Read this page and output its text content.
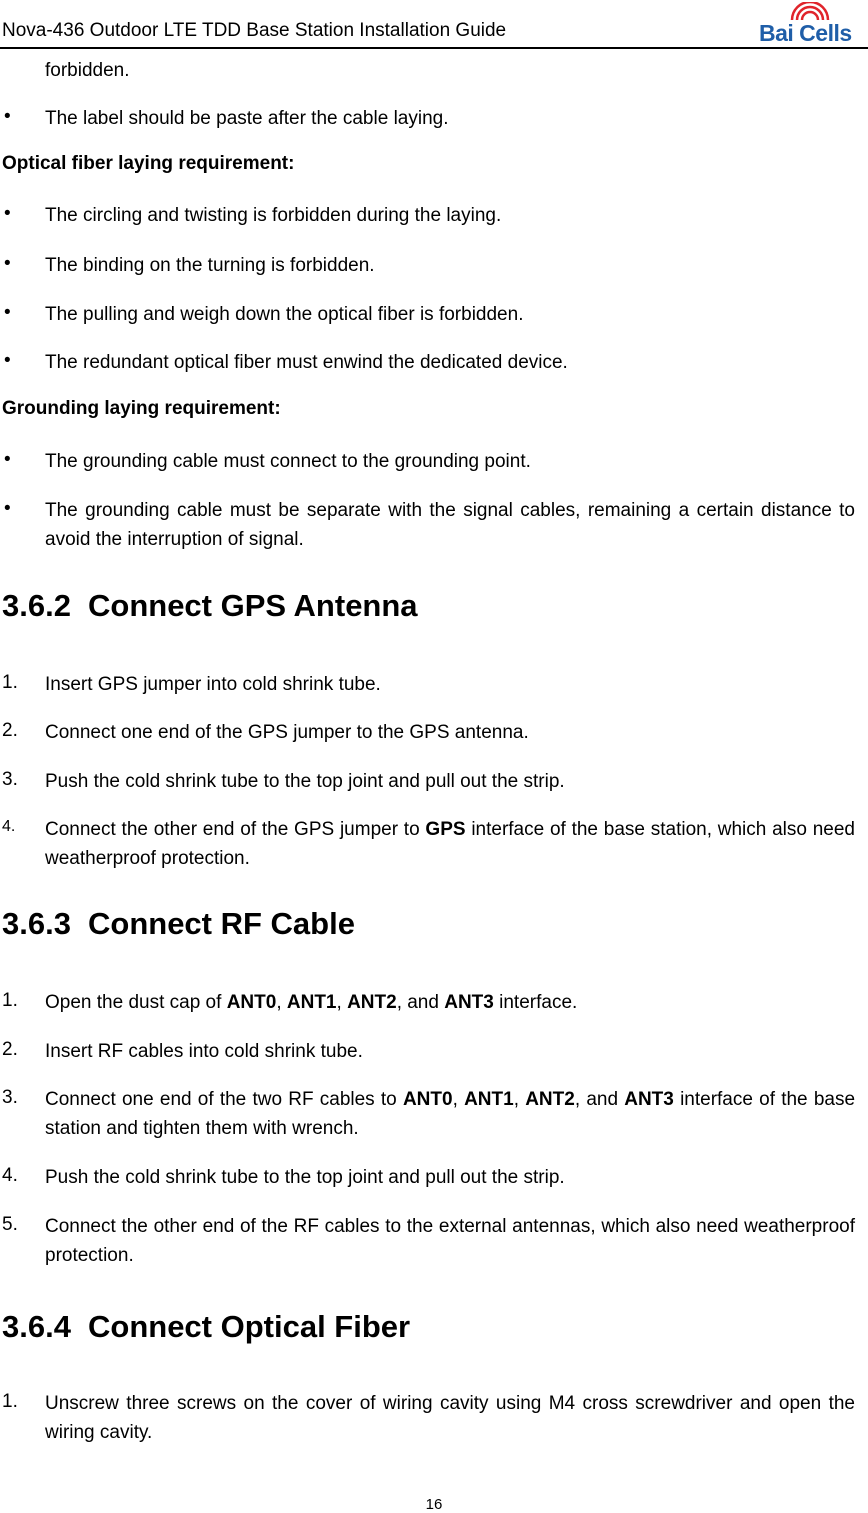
Nova-436 Outdoor LTE TDD Base Station Installation Guide	Bai Cells
forbidden.
• The label should be paste after the cable laying.
Optical fiber laying requirement:
• The circling and twisting is forbidden during the laying.
• The binding on the turning is forbidden.
• The pulling and weigh down the optical fiber is forbidden.
• The redundant optical fiber must enwind the dedicated device.
Grounding laying requirement:
• The grounding cable must connect to the grounding point.
• The grounding cable must be separate with the signal cables, remaining a certain distance to avoid the interruption of signal.
3.6.2 Connect GPS Antenna
1. Insert GPS jumper into cold shrink tube.
2. Connect one end of the GPS jumper to the GPS antenna.
3. Push the cold shrink tube to the top joint and pull out the strip.
4. Connect the other end of the GPS jumper to GPS interface of the base station, which also need weatherproof protection.
3.6.3 Connect RF Cable
1. Open the dust cap of ANT0, ANT1, ANT2, and ANT3 interface.
2. Insert RF cables into cold shrink tube.
3. Connect one end of the two RF cables to ANT0, ANT1, ANT2, and ANT3 interface of the base station and tighten them with wrench.
4. Push the cold shrink tube to the top joint and pull out the strip.
5. Connect the other end of the RF cables to the external antennas, which also need weatherproof protection.
3.6.4 Connect Optical Fiber
1. Unscrew three screws on the cover of wiring cavity using M4 cross screwdriver and open the wiring cavity.
16
